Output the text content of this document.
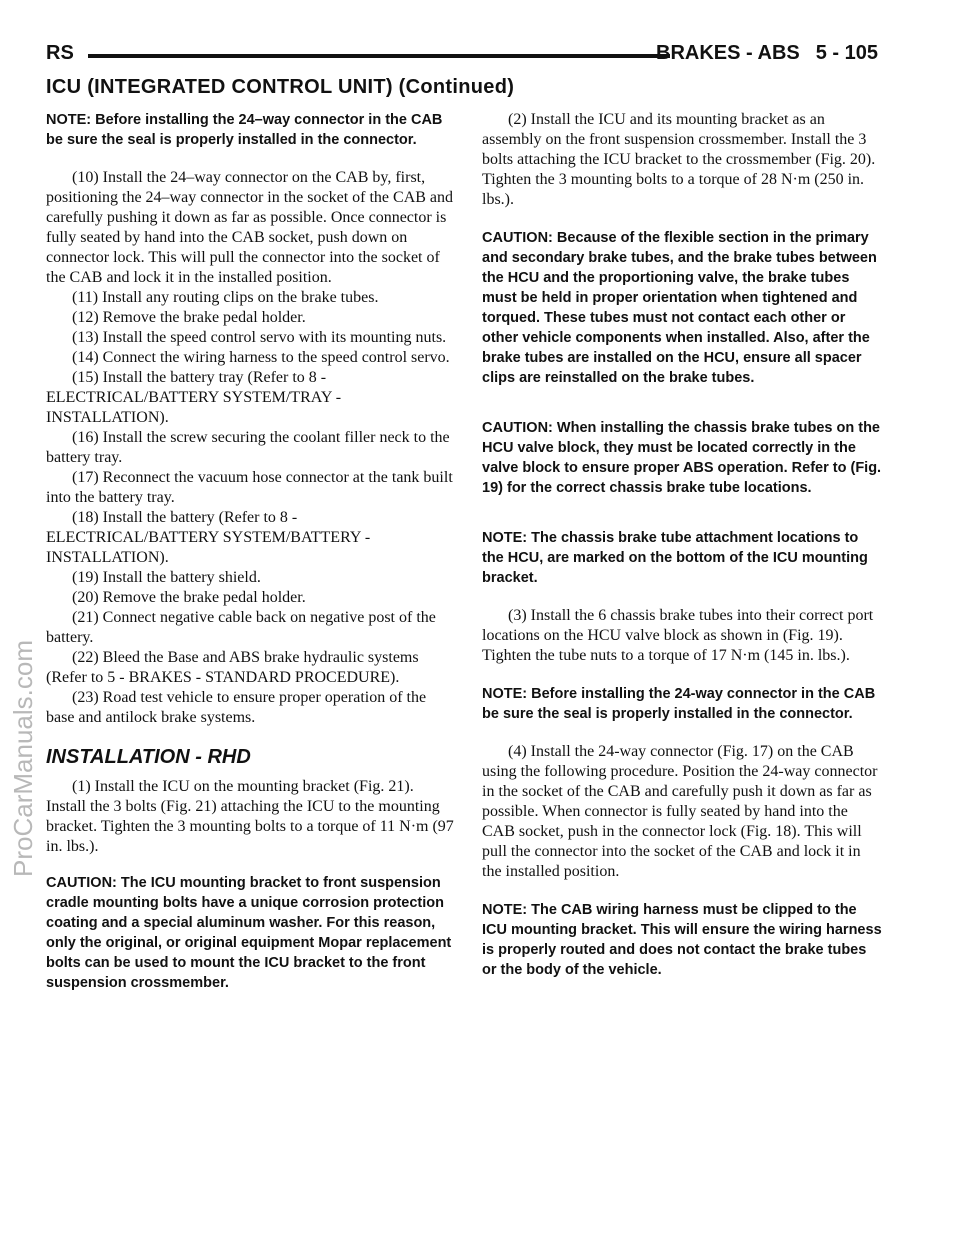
ProCarManuals.com
RS	BRAKES - ABS 5 - 105
ICU (INTEGRATED CONTROL UNIT) (Continued)

NOTE: Before installing the 24–way connector in the CAB be sure the seal is properly installed in the connector.

(10) Install the 24–way connector on the CAB by, first, positioning the 24–way connector in the socket of the CAB and carefully pushing it down as far as possible. Once connector is fully seated by hand into the CAB socket, push down on connector lock. This will pull the connector into the socket of the CAB and lock it in the installed position.

(11) Install any routing clips on the brake tubes.

(12) Remove the brake pedal holder.

(13) Install the speed control servo with its mounting nuts.

(14) Connect the wiring harness to the speed control servo.

(15) Install the battery tray (Refer to 8 - ELECTRICAL/BATTERY SYSTEM/TRAY - INSTALLATION).

(16) Install the screw securing the coolant filler neck to the battery tray.

(17) Reconnect the vacuum hose connector at the tank built into the battery tray.

(18) Install the battery (Refer to 8 - ELECTRICAL/BATTERY SYSTEM/BATTERY - INSTALLATION).

(19) Install the battery shield.

(20) Remove the brake pedal holder.

(21) Connect negative cable back on negative post of the battery.

(22) Bleed the Base and ABS brake hydraulic systems (Refer to 5 - BRAKES - STANDARD PROCEDURE).

(23) Road test vehicle to ensure proper operation of the base and antilock brake systems.

INSTALLATION - RHD

(1) Install the ICU on the mounting bracket (Fig. 21). Install the 3 bolts (Fig. 21) attaching the ICU to the mounting bracket. Tighten the 3 mounting bolts to a torque of 11 N·m (97 in. lbs.).

CAUTION: The ICU mounting bracket to front suspension cradle mounting bolts have a unique corrosion protection coating and a special aluminum washer. For this reason, only the original, or original equipment Mopar replacement bolts can be used to mount the ICU bracket to the front suspension crossmember.

(2) Install the ICU and its mounting bracket as an assembly on the front suspension crossmember. Install the 3 bolts attaching the ICU bracket to the crossmember (Fig. 20). Tighten the 3 mounting bolts to a torque of 28 N·m (250 in. lbs.).

CAUTION: Because of the flexible section in the primary and secondary brake tubes, and the brake tubes between the HCU and the proportioning valve, the brake tubes must be held in proper orientation when tightened and torqued. These tubes must not contact each other or other vehicle components when installed. Also, after the brake tubes are installed on the HCU, ensure all spacer clips are reinstalled on the brake tubes.

CAUTION: When installing the chassis brake tubes on the HCU valve block, they must be located correctly in the valve block to ensure proper ABS operation. Refer to (Fig. 19) for the correct chassis brake tube locations.

NOTE: The chassis brake tube attachment locations to the HCU, are marked on the bottom of the ICU mounting bracket.

(3) Install the 6 chassis brake tubes into their correct port locations on the HCU valve block as shown in (Fig. 19). Tighten the tube nuts to a torque of 17 N·m (145 in. lbs.).

NOTE: Before installing the 24-way connector in the CAB be sure the seal is properly installed in the connector.

(4) Install the 24-way connector (Fig. 17) on the CAB using the following procedure. Position the 24-way connector in the socket of the CAB and carefully push it down as far as possible. When connector is fully seated by hand into the CAB socket, push in the connector lock (Fig. 18). This will pull the connector into the socket of the CAB and lock it in the installed position.

NOTE: The CAB wiring harness must be clipped to the ICU mounting bracket. This will ensure the wiring harness is properly routed and does not contact the brake tubes or the body of the vehicle.
